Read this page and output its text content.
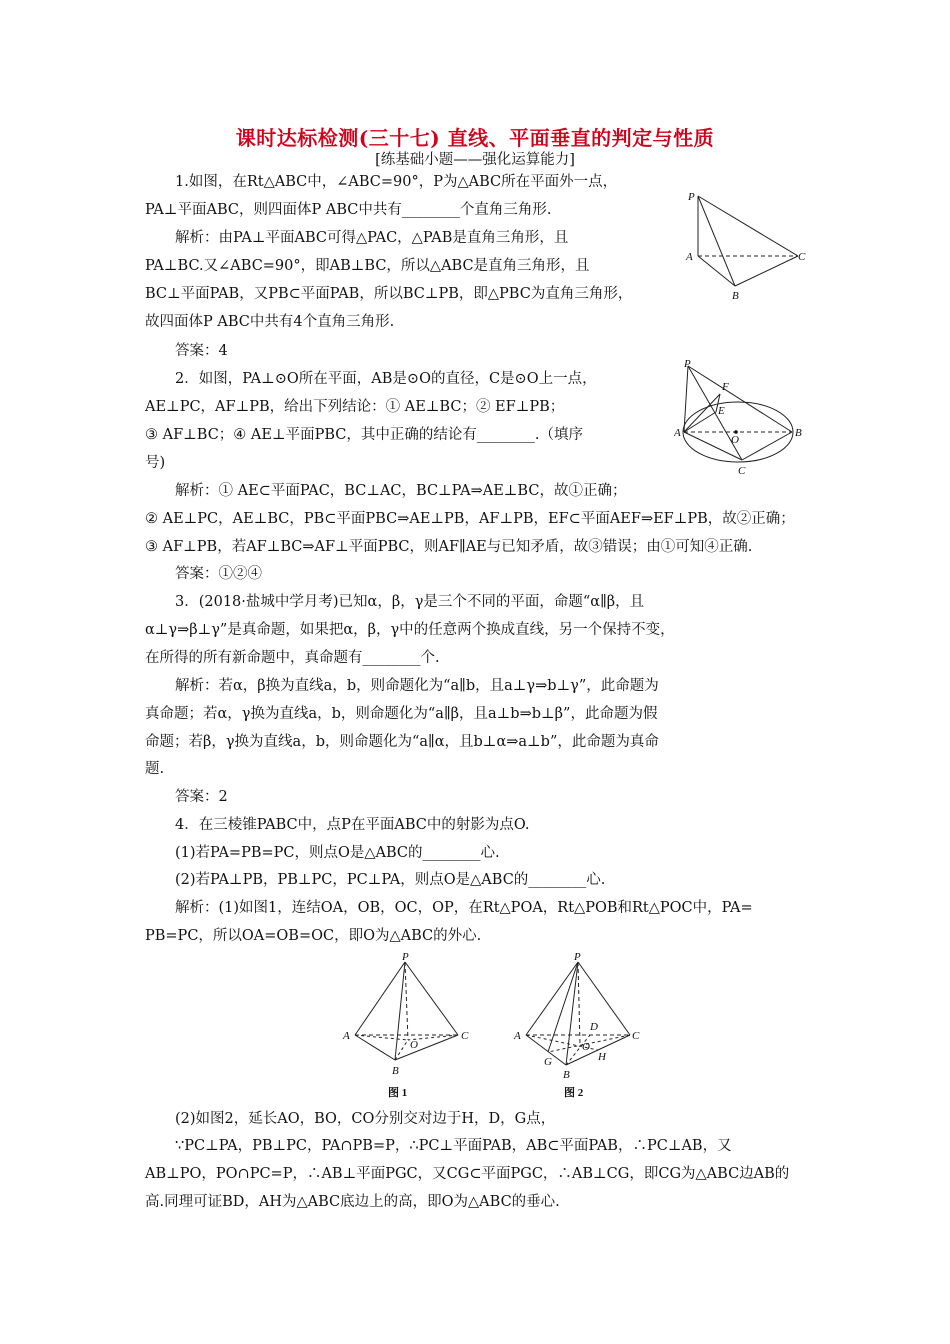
课时达标检测(三十七) 直线、平面垂直的判定与性质
[练基础小题——强化运算能力]
1.如图，在Rt△ABC中，∠ABC=90°，P为△ABC所在平面外一点，
PA⊥平面ABC，则四面体P ABC中共有________个直角三角形.
解析：由PA⊥平面ABC可得△PAC，△PAB是直角三角形，且
PA⊥BC.又∠ABC=90°，即AB⊥BC，所以△ABC是直角三角形，且
BC⊥平面PAB，又PB⊂平面PAB，所以BC⊥PB，即△PBC为直角三角形，
故四面体P ABC中共有4个直角三角形.
答案：4
P
A
B
C
2．如图，PA⊥⊙O所在平面，AB是⊙O的直径，C是⊙O上一点，
AE⊥PC，AF⊥PB，给出下列结论：① AE⊥BC；② EF⊥PB；
③ AF⊥BC；④ AE⊥平面PBC，其中正确的结论有________.（填序
号)
解析：① AE⊂平面PAC，BC⊥AC，BC⊥PA⇒AE⊥BC，故①正确；
② AE⊥PC，AE⊥BC，PB⊂平面PBC⇒AE⊥PB，AF⊥PB，EF⊂平面AEF⇒EF⊥PB，故②正确；
③ AF⊥PB，若AF⊥BC⇒AF⊥平面PBC，则AF∥AE与已知矛盾，故③错误；由①可知④正确.
答案：①②④
P
F
E
A
O
B
C
3．(2018·盐城中学月考)已知α，β，γ是三个不同的平面，命题“α∥β，且
α⊥γ⇒β⊥γ”是真命题，如果把α，β，γ中的任意两个换成直线，另一个保持不变，
在所得的所有新命题中，真命题有________个.
解析：若α，β换为直线a，b，则命题化为“a∥b，且a⊥γ⇒b⊥γ”，此命题为
真命题；若α，γ换为直线a，b，则命题化为“a∥β，且a⊥b⇒b⊥β”，此命题为假
命题；若β，γ换为直线a，b，则命题化为“a∥α，且b⊥α⇒a⊥b”，此命题为真命
题.
答案：2
4．在三棱锥PABC中，点P在平面ABC中的射影为点O.
(1)若PA=PB=PC，则点O是△ABC的________心.
(2)若PA⊥PB，PB⊥PC，PC⊥PA，则点O是△ABC的________心.
解析：(1)如图1，连结OA，OB，OC，OP，在Rt△POA，Rt△POB和Rt△POC中，PA=
PB=PC，所以OA=OB=OC，即O为△ABC的外心.
P
A
O
C
B
图 1
P
A
D
C
O
H
G
B
图 2
(2)如图2，延长AO，BO，CO分别交对边于H，D，G点，
∵PC⊥PA，PB⊥PC，PA∩PB=P，∴PC⊥平面PAB，AB⊂平面PAB，∴PC⊥AB，又
AB⊥PO，PO∩PC=P，∴AB⊥平面PGC，又CG⊂平面PGC，∴AB⊥CG，即CG为△ABC边AB的
高.同理可证BD，AH为△ABC底边上的高，即O为△ABC的垂心.
